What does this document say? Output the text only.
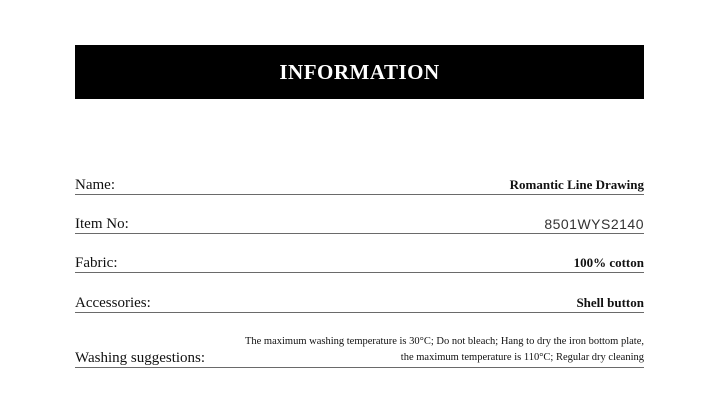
INFORMATION
Name:	Romantic Line Drawing
Item No:	8501WYS2140
Fabric:	100% cotton
Accessories:	Shell button
Washing suggestions:
The maximum washing temperature is 30°C; Do not bleach; Hang to dry the iron bottom plate, the maximum temperature is 110°C; Regular dry cleaning
